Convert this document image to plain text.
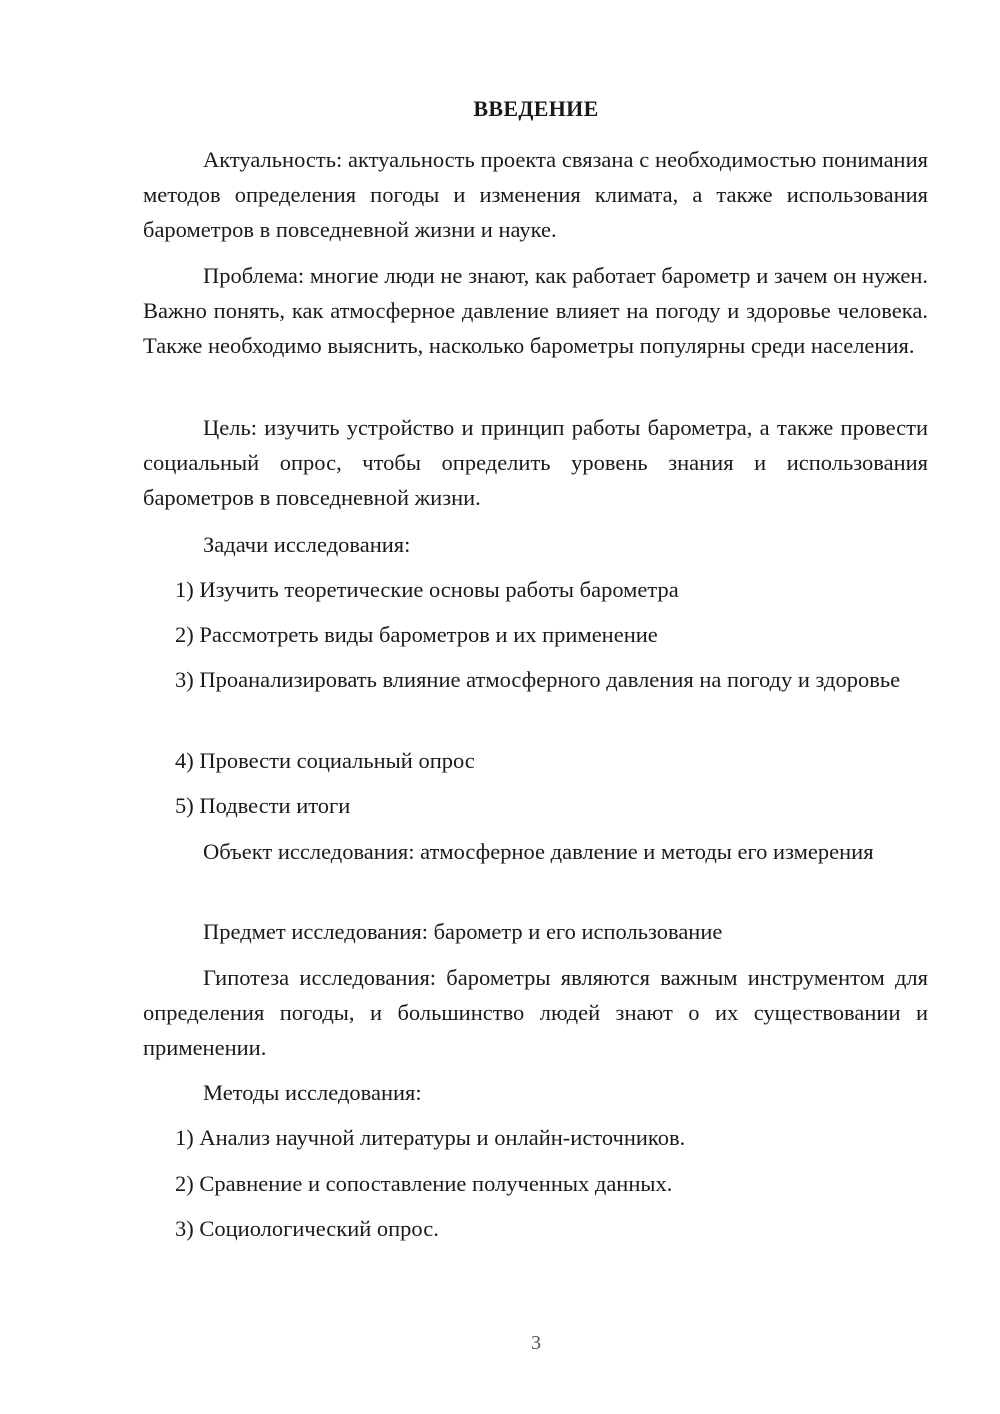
ВВЕДЕНИЕ

Актуальность: актуальность проекта связана с необходимостью понимания методов определения погоды и изменения климата, а также использования барометров в повседневной жизни и науке.

Проблема: многие люди не знают, как работает барометр и зачем он нужен. Важно понять, как атмосферное давление влияет на погоду и здоровье человека. Также необходимо выяснить, насколько барометры популярны среди населения.

Цель: изучить устройство и принцип работы барометра, а также провести социальный опрос, чтобы определить уровень знания и использования барометров в повседневной жизни.

Задачи исследования:

1) Изучить теоретические основы работы барометра

2) Рассмотреть виды барометров и их применение

3) Проанализировать влияние атмосферного давления на погоду и здоровье

4) Провести социальный опрос

5) Подвести итоги

Объект исследования: атмосферное давление и методы его измерения

Предмет исследования: барометр и его использование

Гипотеза исследования: барометры являются важным инструментом для определения погоды, и большинство людей знают о их существовании и применении.

Методы исследования:

1) Анализ научной литературы и онлайн-источников.

2) Сравнение и сопоставление полученных данных.

3) Социологический опрос.

3
